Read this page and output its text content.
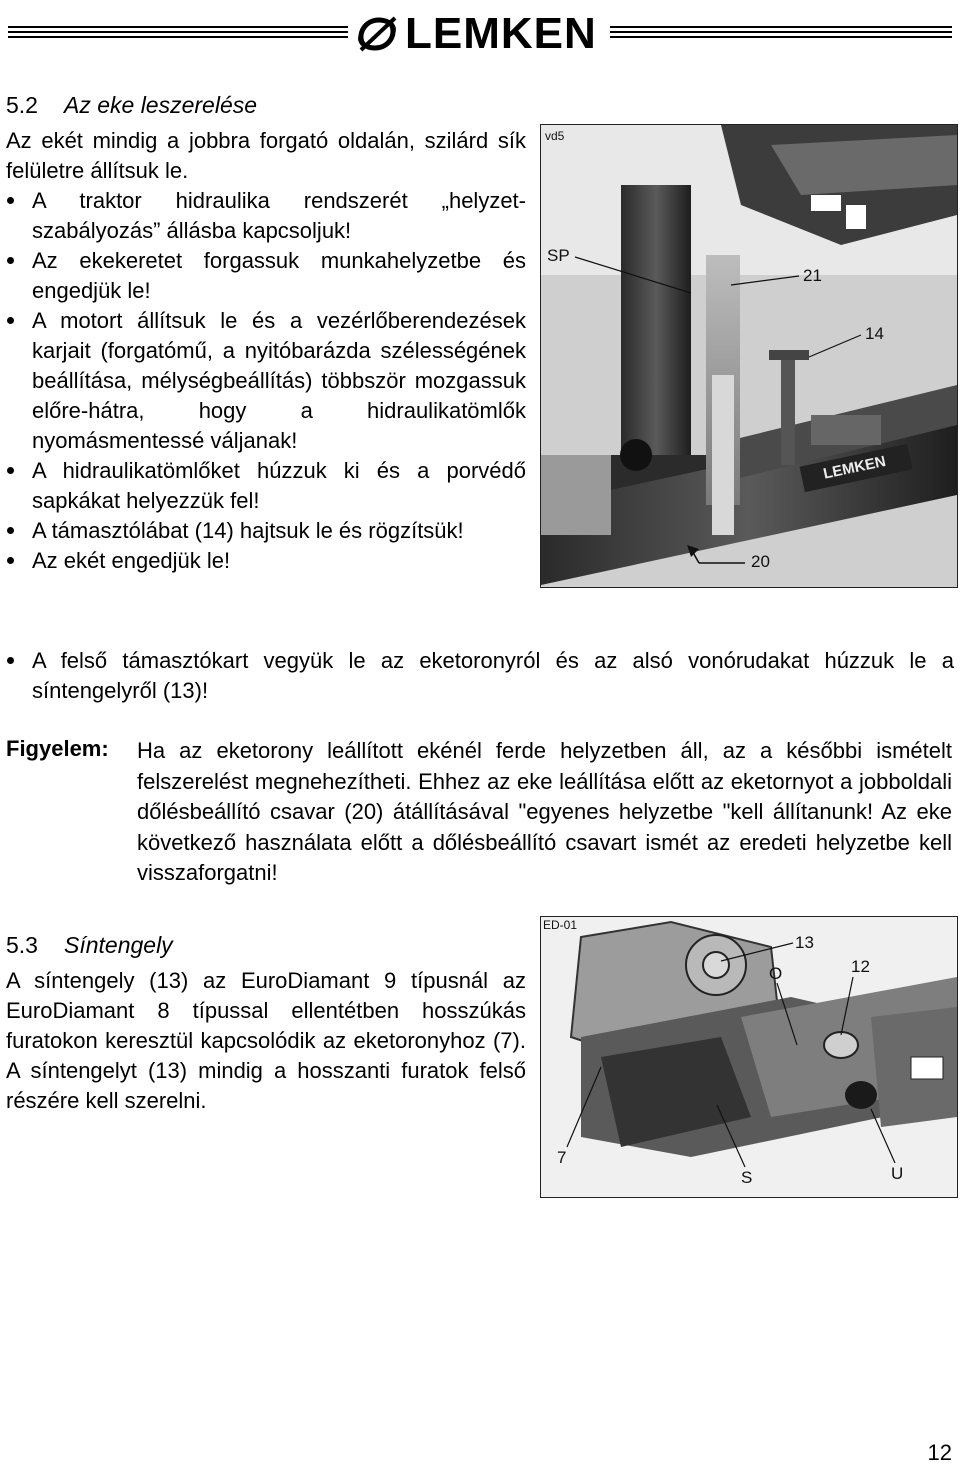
LEMKEN
5.2 Az eke leszerelése
Az ekét mindig a jobbra forgató oldalán, szilárd sík felületre állítsuk le.
A traktor hidraulika rendszerét „helyzetszabályozás” állásba kapcsoljuk!
Az ekekeretet forgassuk munkahelyzetbe és engedjük le!
A motort állítsuk le és a vezérlőberendezések karjait (forgatómű, a nyitóbarázda szélességének beállítása, mélységbeállítás) többször mozgassuk előre-hátra, hogy a hidraulikatömlők nyomásmentessé váljanak!
A hidraulikatömlőket húzzuk ki és a porvédő sapkákat helyezzük fel!
A támasztólábat (14) hajtsuk le és rögzítsük!
Az ekét engedjük le!
A felső támasztókart vegyük le az eketoronyról és az alsó vonórudakat húzzuk le a síntengelyről (13)!
LEMKEN
vd5
SP
21
14
20
Figyelem: Ha az eketorony leállított ekénél ferde helyzetben áll, az a későbbi ismételt felszerelést megnehezítheti. Ehhez az eke leállítása előtt az eketornyot a jobboldali dőlésbeállító csavar (20) átállításával "egyenes helyzetbe "kell állítanunk! Az eke következő használata előtt a dőlésbeállító csavart ismét az eredeti helyzetbe kell visszaforgatni!
5.3 Síntengely
A síntengely (13) az EuroDiamant 9 típusnál az EuroDiamant 8 típussal ellentétben hosszúkás furatokon keresztül kapcsolódik az eketoronyhoz (7). A síntengelyt (13) mindig a hosszanti furatok felső részére kell szerelni.
ED-01
13
O	12
7
S	U
12
